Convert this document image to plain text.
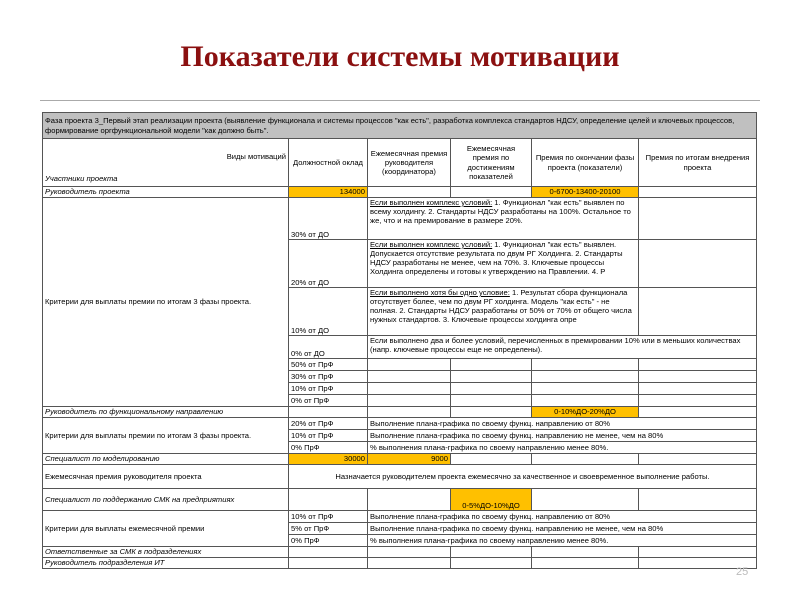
Показатели системы мотивации
Фаза проекта 3_Первый этап реализации проекта (выявление функционала и системы процессов "как есть", разработка комплекса стандартов НДСУ, определение целей и ключевых процессов, формирование оргфункциональной модели "как должно быть".					

Виды мотиваций
Участники проекта	Должностной оклад	Ежемесячная премия руководителя (координатора)	Ежемесячная премия по достижениям показателей	Премия по окончании фазы проекта (показатели)	Премия по итогам внедрения проекта
Руководитель проекта	134000			0-6700-13400-20100	
Критерии для выплаты премии по итогам 3 фазы проекта.	30% от ДО	Если выполнен комплекс условий: 1. Функционал "как есть" выявлен по всему холдингу. 2. Стандарты НДСУ разработаны на 100%. Остальное то же, что и на премирование в размере 20%.			
	20% от ДО	Если выполнен комплекс условий: 1. Функционал "как есть" выявлен. Допускается отсутствие результата по двум РГ Холдинга. 2. Стандарты НДСУ разработаны не менее, чем на 70%. 3. Ключевые процессы Холдинга определены и готовы к утверждению на Правлении. 4. Р			
	10% от ДО	Если выполнено хотя бы одно условие: 1. Результат сбора функционала отсутствует более, чем по двум РГ холдинга. Модель "как есть" - не полная. 2. Стандарты НДСУ разработаны от 50% от 70% от общего числа нужных стандартов. 3. Ключевые процессы холдинга опре			
	0% от ДО	Если выполнено два и более условий, перечисленных в премировании 10% или в меньших количествах (напр. ключевые процессы еще не определены).			
	50% от ПрФ				
	30% от ПрФ				
	10% от ПрФ				
	0% от ПрФ				
Руководитель по функциональному направлению				0-10%ДО-20%ДО	
Критерии для выплаты премии по итогам 3 фазы проекта.	20% от ПрФ	Выполнение плана-графика по своему функц. направлению от 80%			
	10% от ПрФ	Выполнение плана-графика по своему функц. направлению не менее, чем на 80%			
	0% ПрФ	% выполнения плана-графика по своему направлению менее 80%.			
Специалист по моделированию	30000	9000			
Ежемесячная премия руководителя проекта	Назначается руководителем проекта ежемесячно за качественное и своевременное выполнение работы.				
Специалист по поддержанию СМК на предприятиях			0-5%ДО-10%ДО		
Критерии для выплаты ежемесячной премии	10% от ПрФ	Выполнение плана-графика по своему функц. направлению от 80%			
	5% от ПрФ	Выполнение плана-графика по своему функц. направлению не менее, чем на 80%			
	0% ПрФ	% выполнения плана-графика по своему направлению менее 80%.			
Ответственные за СМК в подразделениях					
Руководитель подразделения ИТ					
25
